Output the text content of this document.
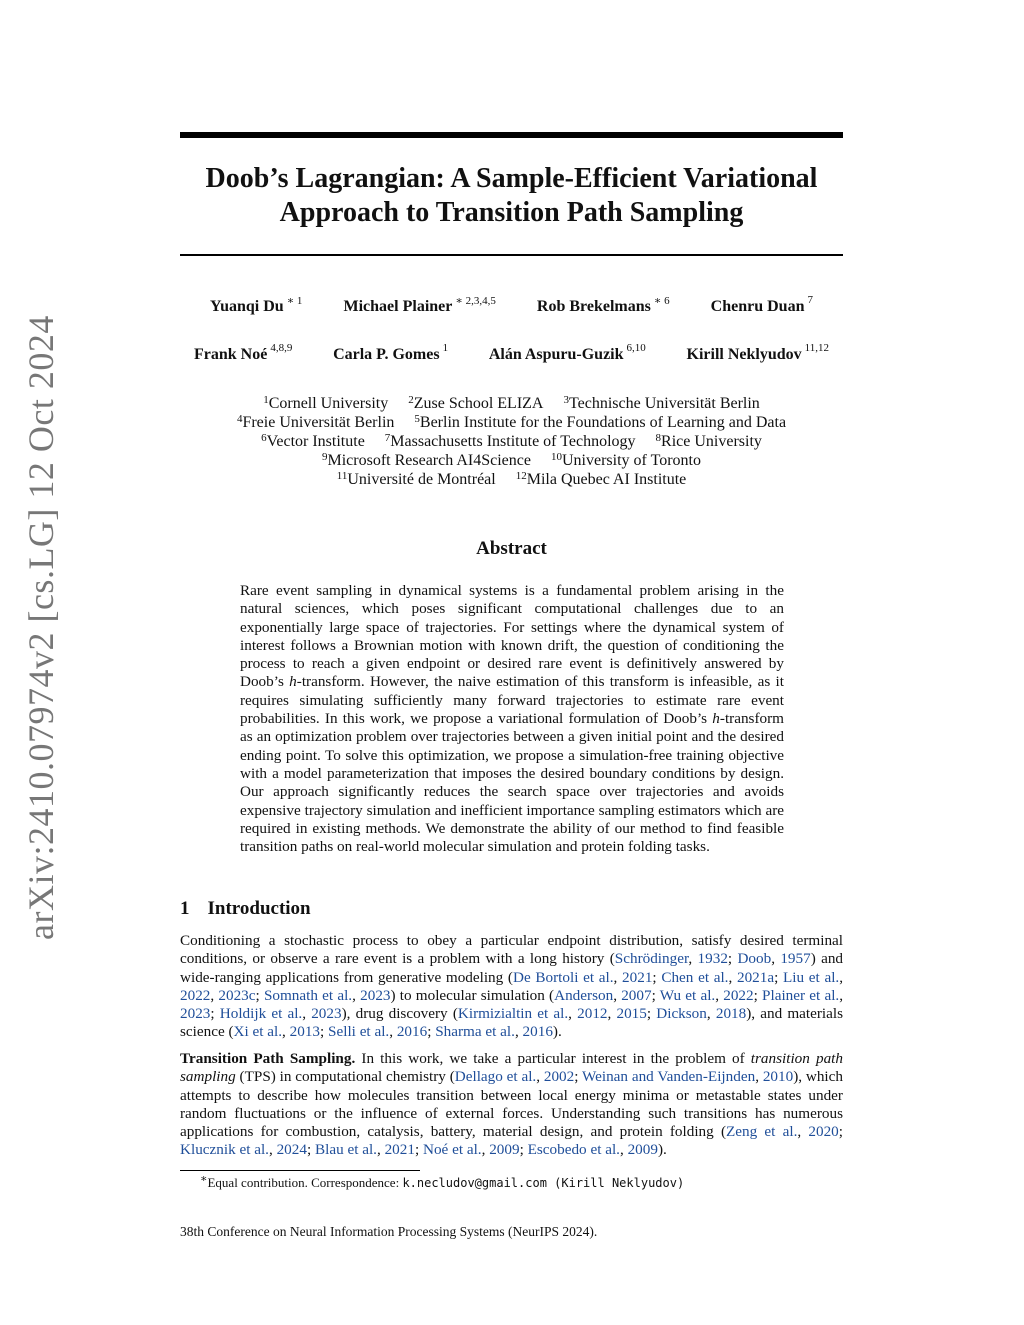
arXiv:2410.07974v2 [cs.LG] 12 Oct 2024
Doob’s Lagrangian: A Sample-Efficient Variational
Approach to Transition Path Sampling
Yuanqi Du $^{∗ 1}$	Michael Plainer $^{∗ 2,3,4,5}$	Rob Brekelmans $^{∗ 6}$	Chenru Duan $^7$
Frank Noé $^{4,8,9}$	Carla P. Gomes $^1$	Alán Aspuru-Guzik $^{6,10}$	Kirill Neklyudov $^{11,12}$
$^1$Cornell University $^2$Zuse School ELIZA $^3$Technische Universität Berlin
$^4$Freie Universität Berlin $^5$Berlin Institute for the Foundations of Learning and Data
$^6$Vector Institute $^7$Massachusetts Institute of Technology $^8$Rice University
$^9$Microsoft Research AI4Science $^{10}$University of Toronto
$^{11}$Université de Montréal $^{12}$Mila Quebec AI Institute
Abstract
Rare event sampling in dynamical systems is a fundamental problem arising in the natural sciences, which poses significant computational challenges due to an exponentially large space of trajectories. For settings where the dynamical system of interest follows a Brownian motion with known drift, the question of conditioning the process to reach a given endpoint or desired rare event is definitively answered by Doob’s h-transform. However, the naive estimation of this transform is infeasible, as it requires simulating sufficiently many forward trajectories to estimate rare event probabilities. In this work, we propose a variational formulation of Doob’s h-transform as an optimization problem over trajectories between a given initial point and the desired ending point. To solve this optimization, we propose a simulation-free training objective with a model parameterization that imposes the desired boundary conditions by design. Our approach significantly reduces the search space over trajectories and avoids expensive trajectory simulation and inefficient importance sampling estimators which are required in existing methods. We demonstrate the ability of our method to find feasible transition paths on real-world molecular simulation and protein folding tasks.
1 Introduction
Conditioning a stochastic process to obey a particular endpoint distribution, satisfy desired terminal conditions, or observe a rare event is a problem with a long history (Schrödinger, 1932; Doob, 1957) and wide-ranging applications from generative modeling (De Bortoli et al., 2021; Chen et al., 2021a; Liu et al., 2022, 2023c; Somnath et al., 2023) to molecular simulation (Anderson, 2007; Wu et al., 2022; Plainer et al., 2023; Holdijk et al., 2023), drug discovery (Kirmizialtin et al., 2012, 2015; Dickson, 2018), and materials science (Xi et al., 2013; Selli et al., 2016; Sharma et al., 2016).
Transition Path Sampling. In this work, we take a particular interest in the problem of transition path sampling (TPS) in computational chemistry (Dellago et al., 2002; Weinan and Vanden-Eijnden, 2010), which attempts to describe how molecules transition between local energy minima or metastable states under random fluctuations or the influence of external forces. Understanding such transitions has numerous applications for combustion, catalysis, battery, material design, and protein folding (Zeng et al., 2020; Klucznik et al., 2024; Blau et al., 2021; Noé et al., 2009; Escobedo et al., 2009).
∗Equal contribution. Correspondence: k.necludov@gmail.com (Kirill Neklyudov)
38th Conference on Neural Information Processing Systems (NeurIPS 2024).
